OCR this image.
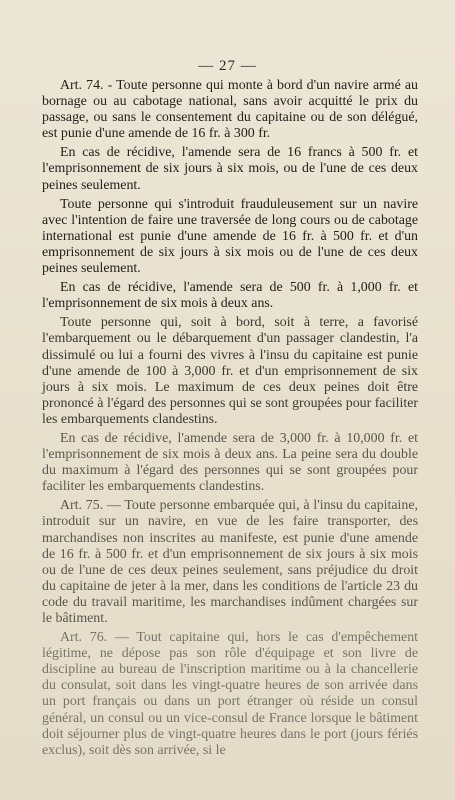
— 27 —

Art. 74. - Toute personne qui monte à bord d'un navire armé au bornage ou au cabotage national, sans avoir acquitté le prix du passage, ou sans le consentement du capitaine ou de son délégué, est punie d'une amende de 16 fr. à 300 fr.

En cas de récidive, l'amende sera de 16 francs à 500 fr. et l'emprisonnement de six jours à six mois, ou de l'une de ces deux peines seulement.

Toute personne qui s'introduit frauduleusement sur un navire avec l'intention de faire une traversée de long cours ou de cabotage international est punie d'une amende de 16 fr. à 500 fr. et d'un emprisonnement de six jours à six mois ou de l'une de ces deux peines seulement.

En cas de récidive, l'amende sera de 500 fr. à 1,000 fr. et l'emprisonnement de six mois à deux ans.

Toute personne qui, soit à bord, soit à terre, a favorisé l'embarquement ou le débarquement d'un passager clandestin, l'a dissimulé ou lui a fourni des vivres à l'insu du capitaine est punie d'une amende de 100 à 3,000 fr. et d'un emprisonnement de six jours à six mois. Le maximum de ces deux peines doit être prononcé à l'égard des personnes qui se sont groupées pour faciliter les embarquements clandestins.

En cas de récidive, l'amende sera de 3,000 fr. à 10,000 fr. et l'emprisonnement de six mois à deux ans. La peine sera du double du maximum à l'égard des personnes qui se sont groupées pour faciliter les embarquements clandestins.

Art. 75. — Toute personne embarquée qui, à l'insu du capitaine, introduit sur un navire, en vue de les faire transporter, des marchandises non inscrites au manifeste, est punie d'une amende de 16 fr. à 500 fr. et d'un emprisonnement de six jours à six mois ou de l'une de ces deux peines seulement, sans préjudice du droit du capitaine de jeter à la mer, dans les conditions de l'article 23 du code du travail maritime, les marchandises indûment chargées sur le bâtiment.

Art. 76. — Tout capitaine qui, hors le cas d'empêchement légitime, ne dépose pas son rôle d'équipage et son livre de discipline au bureau de l'inscription maritime ou à la chancellerie du consulat, soit dans les vingt-quatre heures de son arrivée dans un port français ou dans un port étranger où réside un consul général, un consul ou un vice-consul de France lorsque le bâtiment doit séjourner plus de vingt-quatre heures dans le port (jours fériés exclus), soit dès son arrivée, si le
